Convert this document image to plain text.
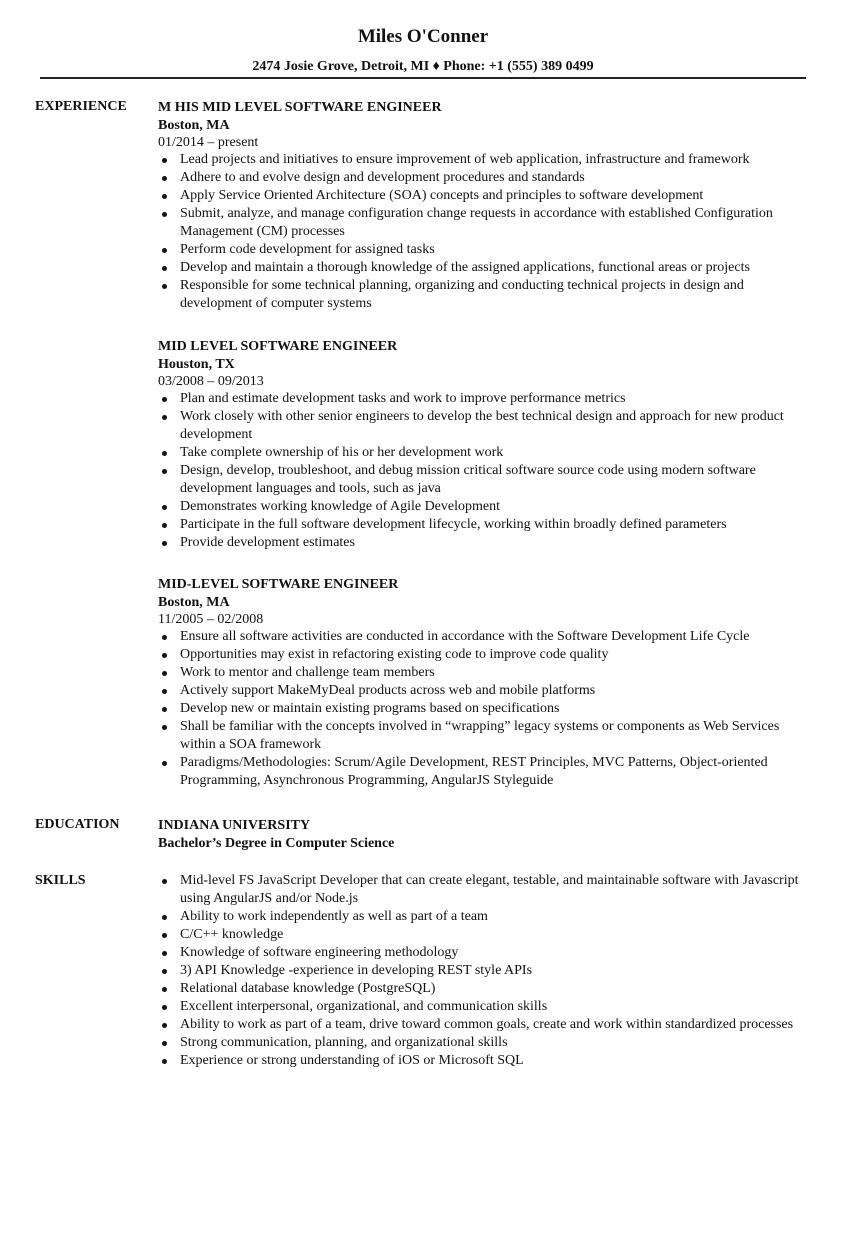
Miles O'Conner
2474 Josie Grove, Detroit, MI ♦ Phone: +1 (555) 389 0499
EXPERIENCE M HIS MID LEVEL SOFTWARE ENGINEER
Boston, MA
01/2014 – present
Lead projects and initiatives to ensure improvement of web application, infrastructure and framework
Adhere to and evolve design and development procedures and standards
Apply Service Oriented Architecture (SOA) concepts and principles to software development
Submit, analyze, and manage configuration change requests in accordance with established Configuration Management (CM) processes
Perform code development for assigned tasks
Develop and maintain a thorough knowledge of the assigned applications, functional areas or projects
Responsible for some technical planning, organizing and conducting technical projects in design and development of computer systems
MID LEVEL SOFTWARE ENGINEER
Houston, TX
03/2008 – 09/2013
Plan and estimate development tasks and work to improve performance metrics
Work closely with other senior engineers to develop the best technical design and approach for new product development
Take complete ownership of his or her development work
Design, develop, troubleshoot, and debug mission critical software source code using modern software development languages and tools, such as java
Demonstrates working knowledge of Agile Development
Participate in the full software development lifecycle, working within broadly defined parameters
Provide development estimates
MID-LEVEL SOFTWARE ENGINEER
Boston, MA
11/2005 – 02/2008
Ensure all software activities are conducted in accordance with the Software Development Life Cycle
Opportunities may exist in refactoring existing code to improve code quality
Work to mentor and challenge team members
Actively support MakeMyDeal products across web and mobile platforms
Develop new or maintain existing programs based on specifications
Shall be familiar with the concepts involved in “wrapping” legacy systems or components as Web Services within a SOA framework
Paradigms/Methodologies: Scrum/Agile Development, REST Principles, MVC Patterns, Object-oriented Programming, Asynchronous Programming, AngularJS Styleguide
EDUCATION	INDIANA UNIVERSITY
Bachelor’s Degree in Computer Science
SKILLS	Mid-level FS JavaScript Developer that can create elegant, testable, and maintainable software with Javascript using AngularJS and/or Node.js
Ability to work independently as well as part of a team
C/C++ knowledge
Knowledge of software engineering methodology
3) API Knowledge -experience in developing REST style APIs
Relational database knowledge (PostgreSQL)
Excellent interpersonal, organizational, and communication skills
Ability to work as part of a team, drive toward common goals, create and work within standardized processes
Strong communication, planning, and organizational skills
Experience or strong understanding of iOS or Microsoft SQL
